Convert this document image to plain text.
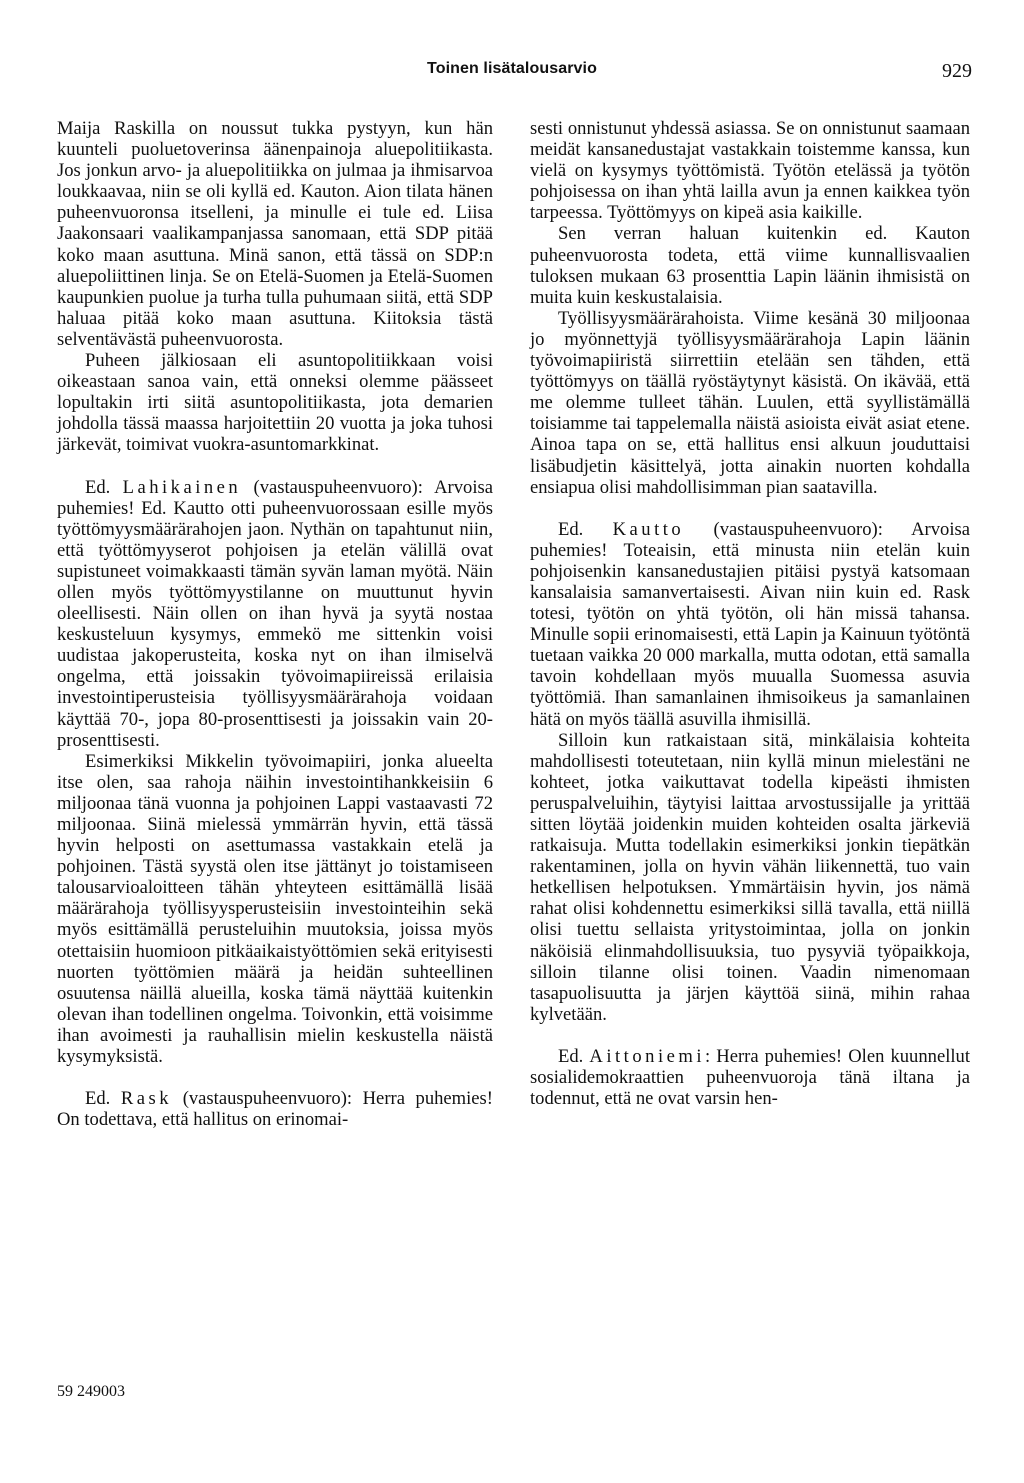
Toinen lisätalousarvio	929

Maija Raskilla on noussut tukka pystyyn, kun hän kuunteli puoluetoverinsa äänenpainoja aluepolitiikasta. Jos jonkun arvo- ja aluepolitiikka on julmaa ja ihmisarvoa loukkaavaa, niin se oli kyllä ed. Kauton. Aion tilata hänen puheenvuoronsa itselleni, ja minulle ei tule ed. Liisa Jaakonsaari vaalikampanjassa sanomaan, että SDP pitää koko maan asuttuna. Minä sanon, että tässä on SDP:n aluepoliittinen linja. Se on Etelä-Suomen ja Etelä-Suomen kaupunkien puolue ja turha tulla puhumaan siitä, että SDP haluaa pitää koko maan asuttuna. Kiitoksia tästä selventävästä puheenvuorosta.

Puheen jälkiosaan eli asuntopolitiikkaan voisi oikeastaan sanoa vain, että onneksi olemme päässeet lopultakin irti siitä asuntopolitiikasta, jota demarien johdolla tässä maassa harjoitettiin 20 vuotta ja joka tuhosi järkevät, toimivat vuokra-asuntomarkkinat.

Ed. Lahikainen (vastauspuheenvuoro): Arvoisa puhemies! Ed. Kautto otti puheenvuorossaan esille myös työttömyysmäärärahojen jaon. Nythän on tapahtunut niin, että työttömyyserot pohjoisen ja etelän välillä ovat supistuneet voimakkaasti tämän syvän laman myötä. Näin ollen myös työttömyystilanne on muuttunut hyvin oleellisesti. Näin ollen on ihan hyvä ja syytä nostaa keskusteluun kysymys, emmekö me sittenkin voisi uudistaa jakoperusteita, koska nyt on ihan ilmiselvä ongelma, että joissakin työvoimapiireissä erilaisia investointiperusteisia työllisyysmäärärahoja voidaan käyttää 70-, jopa 80-prosenttisesti ja joissakin vain 20-prosenttisesti.

Esimerkiksi Mikkelin työvoimapiiri, jonka alueelta itse olen, saa rahoja näihin investointihankkeisiin 6 miljoonaa tänä vuonna ja pohjoinen Lappi vastaavasti 72 miljoonaa. Siinä mielessä ymmärrän hyvin, että tässä hyvin helposti on asettumassa vastakkain etelä ja pohjoinen. Tästä syystä olen itse jättänyt jo toistamiseen talousarvioaloitteen tähän yhteyteen esittämällä lisää määrärahoja työllisyysperusteisiin investointeihin sekä myös esittämällä perusteluihin muutoksia, joissa myös otettaisiin huomioon pitkäaikaistyöttömien sekä erityisesti nuorten työttömien määrä ja heidän suhteellinen osuutensa näillä alueilla, koska tämä näyttää kuitenkin olevan ihan todellinen ongelma. Toivonkin, että voisimme ihan avoimesti ja rauhallisin mielin keskustella näistä kysymyksistä.

Ed. Rask (vastauspuheenvuoro): Herra puhemies! On todettava, että hallitus on erinomai-

sesti onnistunut yhdessä asiassa. Se on onnistunut saamaan meidät kansanedustajat vastakkain toistemme kanssa, kun vielä on kysymys työttömistä. Työtön etelässä ja työtön pohjoisessa on ihan yhtä lailla avun ja ennen kaikkea työn tarpeessa. Työttömyys on kipeä asia kaikille.

Sen verran haluan kuitenkin ed. Kauton puheenvuorosta todeta, että viime kunnallisvaalien tuloksen mukaan 63 prosenttia Lapin läänin ihmisistä on muita kuin keskustalaisia.

Työllisyysmäärärahoista. Viime kesänä 30 miljoonaa jo myönnettyjä työllisyysmäärärahoja Lapin läänin työvoimapiiristä siirrettiin etelään sen tähden, että työttömyys on täällä ryöstäytynyt käsistä. On ikävää, että me olemme tulleet tähän. Luulen, että syyllistämällä toisiamme tai tappelemalla näistä asioista eivät asiat etene. Ainoa tapa on se, että hallitus ensi alkuun jouduttaisi lisäbudjetin käsittelyä, jotta ainakin nuorten kohdalla ensiapua olisi mahdollisimman pian saatavilla.

Ed. Kautto (vastauspuheenvuoro): Arvoisa puhemies! Toteaisin, että minusta niin etelän kuin pohjoisenkin kansanedustajien pitäisi pystyä katsomaan kansalaisia samanvertaisesti. Aivan niin kuin ed. Rask totesi, työtön on yhtä työtön, oli hän missä tahansa. Minulle sopii erinomaisesti, että Lapin ja Kainuun työtöntä tuetaan vaikka 20 000 markalla, mutta odotan, että samalla tavoin kohdellaan myös muualla Suomessa asuvia työttömiä. Ihan samanlainen ihmisoikeus ja samanlainen hätä on myös täällä asuvilla ihmisillä.

Silloin kun ratkaistaan sitä, minkälaisia kohteita mahdollisesti toteutetaan, niin kyllä minun mielestäni ne kohteet, jotka vaikuttavat todella kipeästi ihmisten peruspalveluihin, täytyisi laittaa arvostussijalle ja yrittää sitten löytää joidenkin muiden kohteiden osalta järkeviä ratkaisuja. Mutta todellakin esimerkiksi jonkin tiepätkän rakentaminen, jolla on hyvin vähän liikennettä, tuo vain hetkellisen helpotuksen. Ymmärtäisin hyvin, jos nämä rahat olisi kohdennettu esimerkiksi sillä tavalla, että niillä olisi tuettu sellaista yritystoimintaa, jolla on jonkin näköisiä elinmahdollisuuksia, tuo pysyviä työpaikkoja, silloin tilanne olisi toinen. Vaadin nimenomaan tasapuolisuutta ja järjen käyttöä siinä, mihin rahaa kylvetään.

Ed. Aittoniemi: Herra puhemies! Olen kuunnellut sosialidemokraattien puheenvuoroja tänä iltana ja todennut, että ne ovat varsin hen-

59 249003
